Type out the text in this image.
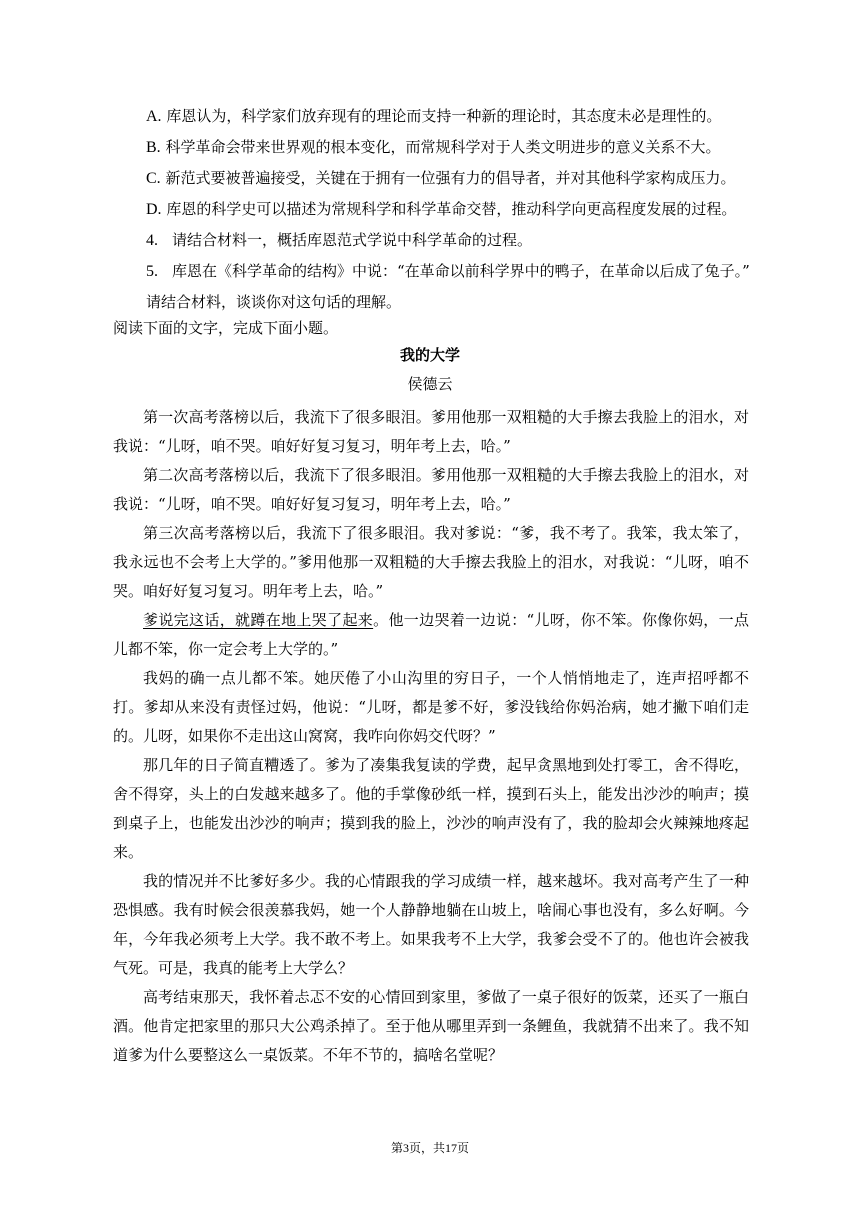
A. 库恩认为，科学家们放弃现有的理论而支持一种新的理论时，其态度未必是理性的。

B. 科学革命会带来世界观的根本变化，而常规科学对于人类文明进步的意义关系不大。

C. 新范式要被普遍接受，关键在于拥有一位强有力的倡导者，并对其他科学家构成压力。

D. 库恩的科学史可以描述为常规科学和科学革命交替，推动科学向更高程度发展的过程。

4. 请结合材料一，概括库恩范式学说中科学革命的过程。

5. 库恩在《科学革命的结构》中说：“在革命以前科学界中的鸭子，在革命以后成了兔子。”

请结合材料，谈谈你对这句话的理解。

阅读下面的文字，完成下面小题。

我的大学

侯德云

第一次高考落榜以后，我流下了很多眼泪。爹用他那一双粗糙的大手擦去我脸上的泪水，对我说：“儿呀，咱不哭。咱好好复习复习，明年考上去，哈。”

第二次高考落榜以后，我流下了很多眼泪。爹用他那一双粗糙的大手擦去我脸上的泪水，对我说：“儿呀，咱不哭。咱好好复习复习，明年考上去，哈。”

第三次高考落榜以后，我流下了很多眼泪。我对爹说：“爹，我不考了。我笨，我太笨了，我永远也不会考上大学的。”爹用他那一双粗糙的大手擦去我脸上的泪水，对我说：“儿呀，咱不哭。咱好好复习复习。明年考上去，哈。”

爹说完这话，就蹲在地上哭了起来。他一边哭着一边说：“儿呀，你不笨。你像你妈，一点儿都不笨，你一定会考上大学的。”

我妈的确一点儿都不笨。她厌倦了小山沟里的穷日子，一个人悄悄地走了，连声招呼都不打。爹却从来没有责怪过妈，他说：“儿呀，都是爹不好，爹没钱给你妈治病，她才撇下咱们走的。儿呀，如果你不走出这山窝窝，我咋向你妈交代呀？”

那几年的日子简直糟透了。爹为了凑集我复读的学费，起早贪黑地到处打零工，舍不得吃，舍不得穿，头上的白发越来越多了。他的手掌像砂纸一样，摸到石头上，能发出沙沙的响声；摸到桌子上，也能发出沙沙的响声；摸到我的脸上，沙沙的响声没有了，我的脸却会火辣辣地疼起来。

我的情况并不比爹好多少。我的心情跟我的学习成绩一样，越来越坏。我对高考产生了一种恐惧感。我有时候会很羡慕我妈，她一个人静静地躺在山坡上，啥闹心事也没有，多么好啊。今年，今年我必须考上大学。我不敢不考上。如果我考不上大学，我爹会受不了的。他也许会被我气死。可是，我真的能考上大学么？

高考结束那天，我怀着忐忑不安的心情回到家里，爹做了一桌子很好的饭菜，还买了一瓶白酒。他肯定把家里的那只大公鸡杀掉了。至于他从哪里弄到一条鲤鱼，我就猜不出来了。我不知道爹为什么要整这么一桌饭菜。不年不节的，搞啥名堂呢？

第3页，共17页
